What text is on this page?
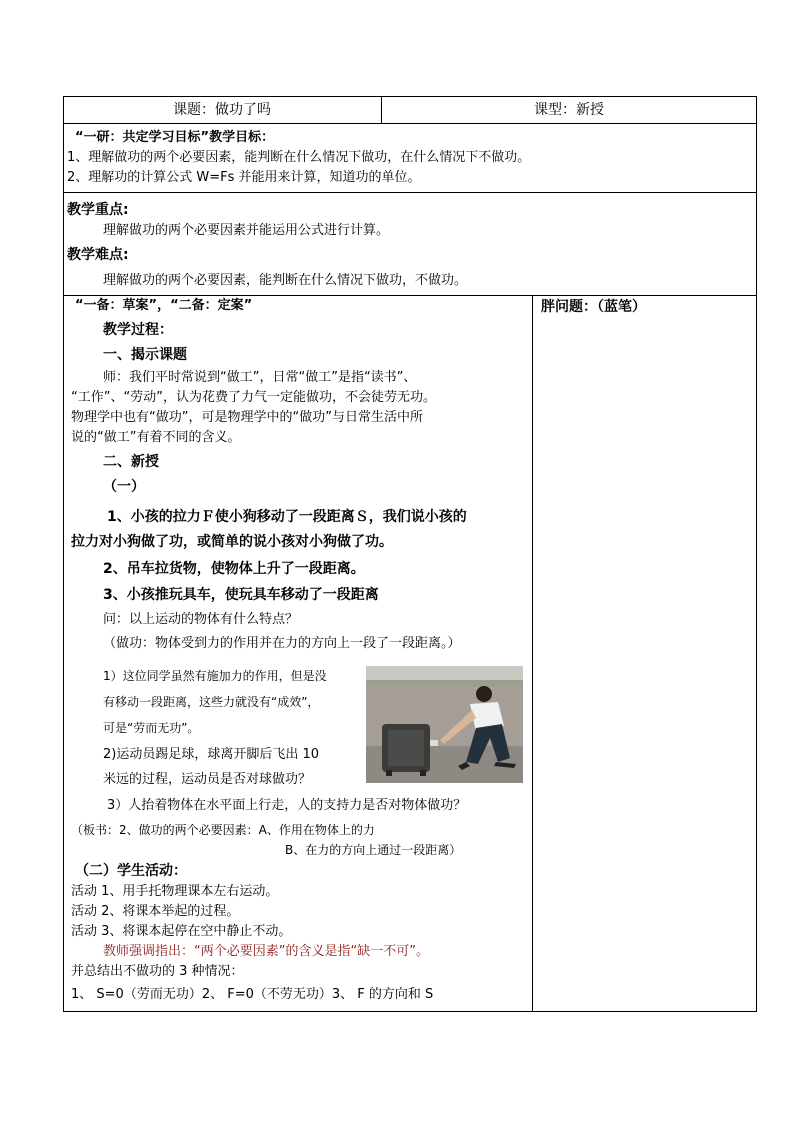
课题：做功了吗	课型：新授
“一研：共定学习目标”教学目标：
1、理解做功的两个必要因素，能判断在什么情况下做功，在什么情况下不做功。
2、理解功的计算公式 W=Fs 并能用来计算，知道功的单位。
教学重点:
理解做功的两个必要因素并能运用公式进行计算。
教学难点:
理解做功的两个必要因素，能判断在什么情况下做功，不做功。
胖问题：（蓝笔）
“一备：草案”，“二备：定案”
教学过程：
一、揭示课题
师：我们平时常说到“做工”，日常“做工”是指“读书”、
“工作”、“劳动”，认为花费了力气一定能做功，不会徒劳无功。
物理学中也有“做功”，可是物理学中的“做功”与日常生活中所
说的“做工”有着不同的含义。
二、新授
（一）
1、小孩的拉力Ｆ使小狗移动了一段距离Ｓ，我们说小孩的
拉力对小狗做了功，或简单的说小孩对小狗做了功。
2、吊车拉货物，使物体上升了一段距离。
3、小孩推玩具车，使玩具车移动了一段距离
问：以上运动的物体有什么特点？
（做功：物体受到力的作用并在力的方向上一段了一段距离。）
1）这位同学虽然有施加力的作用，但是没
有移动一段距离，这些力就没有“成效”，
可是“劳而无功”。
2)运动员踢足球，球离开脚后飞出 10
米远的过程，运动员是否对球做功？
3）人抬着物体在水平面上行走，人的支持力是否对物体做功？
（板书：2、做功的两个必要因素：A、作用在物体上的力
B、在力的方向上通过一段距离）
（二）学生活动：
活动 1、用手托物理课本左右运动。
活动 2、将课本举起的过程。
活动 3、将课本起停在空中静止不动。
教师强调指出：“两个必要因素”的含义是指“缺一不可”。
并总结出不做功的 3 种情况：
1、 S=0（劳而无功）2、 F=0（不劳无功）3、 F 的方向和 S
